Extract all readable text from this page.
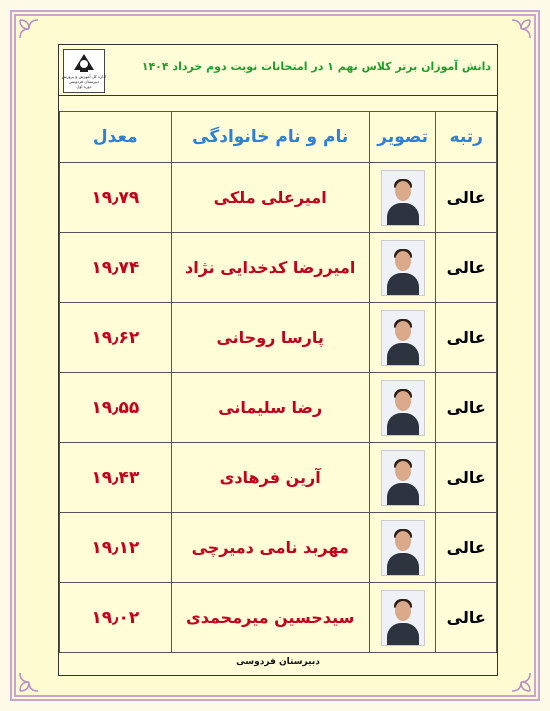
اداره کل آموزش و پرورش
دبیرستان فردوسی
دوره اول
دانش آموزان برتر کلاس نهم ۱ در امتحانات نوبت دوم خرداد ۱۴۰۴
رتبه	تصویر	نام و نام خانوادگی	معدل
عالی		امیرعلی ملکی	۱۹٫۷۹
عالی		امیررضا کدخدایی نژاد	۱۹٫۷۴
عالی		پارسا روحانی	۱۹٫۶۲
عالی		رضا سلیمانی	۱۹٫۵۵
عالی		آرین فرهادی	۱۹٫۴۳
عالی		مهربد نامی دمیرچی	۱۹٫۱۲
عالی		سیدحسین میرمحمدی	۱۹٫۰۲
دبیرستان فردوسی
